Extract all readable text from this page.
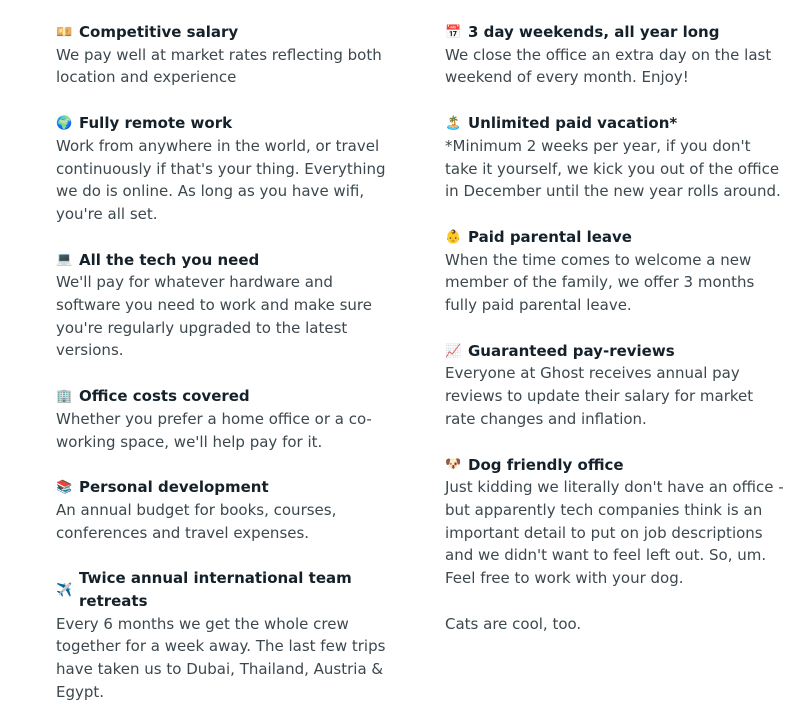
💴 Competitive salary

We pay well at market rates reflecting both location and experience

🌍 Fully remote work

Work from anywhere in the world, or travel continuously if that's your thing. Everything we do is online. As long as you have wifi, you're all set.

💻 All the tech you need

We'll pay for whatever hardware and software you need to work and make sure you're regularly upgraded to the latest versions.

🏢 Office costs covered

Whether you prefer a home office or a co-working space, we'll help pay for it.

📚 Personal development

An annual budget for books, courses, conferences and travel expenses.

✈️
Twice annual international team retreats

Every 6 months we get the whole crew together for a week away. The last few trips have taken us to Dubai, Thailand, Austria & Egypt.

📅 3 day weekends, all year long

We close the office an extra day on the last weekend of every month. Enjoy!

🏝️ Unlimited paid vacation*

*Minimum 2 weeks per year, if you don't take it yourself, we kick you out of the office in December until the new year rolls around.

👶 Paid parental leave

When the time comes to welcome a new member of the family, we offer 3 months fully paid parental leave.

📈 Guaranteed pay-reviews

Everyone at Ghost receives annual pay reviews to update their salary for market rate changes and inflation.

🐶 Dog friendly office

Just kidding we literally don't have an office - but apparently tech companies think is an important detail to put on job descriptions and we didn't want to feel left out. So, um. Feel free to work with your dog.

Cats are cool, too.
